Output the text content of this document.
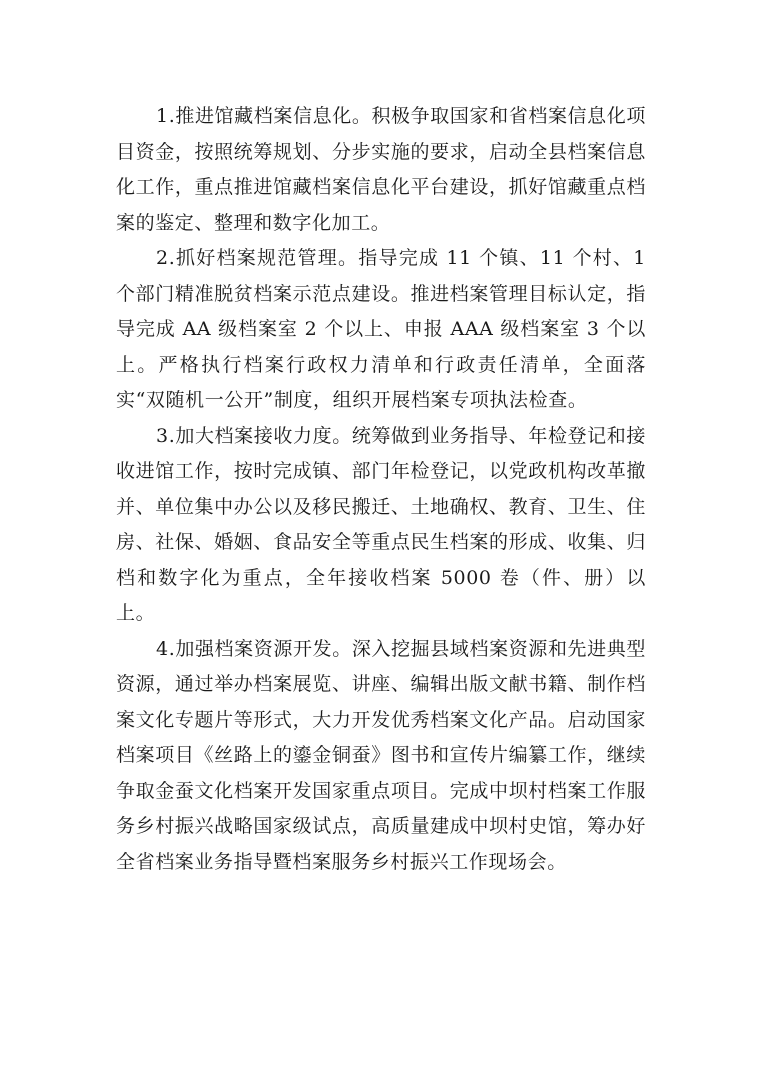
1.推进馆藏档案信息化。积极争取国家和省档案信息化项目资金，按照统筹规划、分步实施的要求，启动全县档案信息化工作，重点推进馆藏档案信息化平台建设，抓好馆藏重点档案的鉴定、整理和数字化加工。

2.抓好档案规范管理。指导完成 11 个镇、11 个村、1 个部门精准脱贫档案示范点建设。推进档案管理目标认定，指导完成 AA 级档案室 2 个以上、申报 AAA 级档案室 3 个以上。严格执行档案行政权力清单和行政责任清单，全面落实“双随机一公开”制度，组织开展档案专项执法检查。

3.加大档案接收力度。统筹做到业务指导、年检登记和接收进馆工作，按时完成镇、部门年检登记，以党政机构改革撤并、单位集中办公以及移民搬迁、土地确权、教育、卫生、住房、社保、婚姻、食品安全等重点民生档案的形成、收集、归档和数字化为重点，全年接收档案 5000 卷（件、册）以上。

4.加强档案资源开发。深入挖掘县域档案资源和先进典型资源，通过举办档案展览、讲座、编辑出版文献书籍、制作档案文化专题片等形式，大力开发优秀档案文化产品。启动国家档案项目《丝路上的鎏金铜蚕》图书和宣传片编纂工作，继续争取金蚕文化档案开发国家重点项目。完成中坝村档案工作服务乡村振兴战略国家级试点，高质量建成中坝村史馆，筹办好全省档案业务指导暨档案服务乡村振兴工作现场会。
